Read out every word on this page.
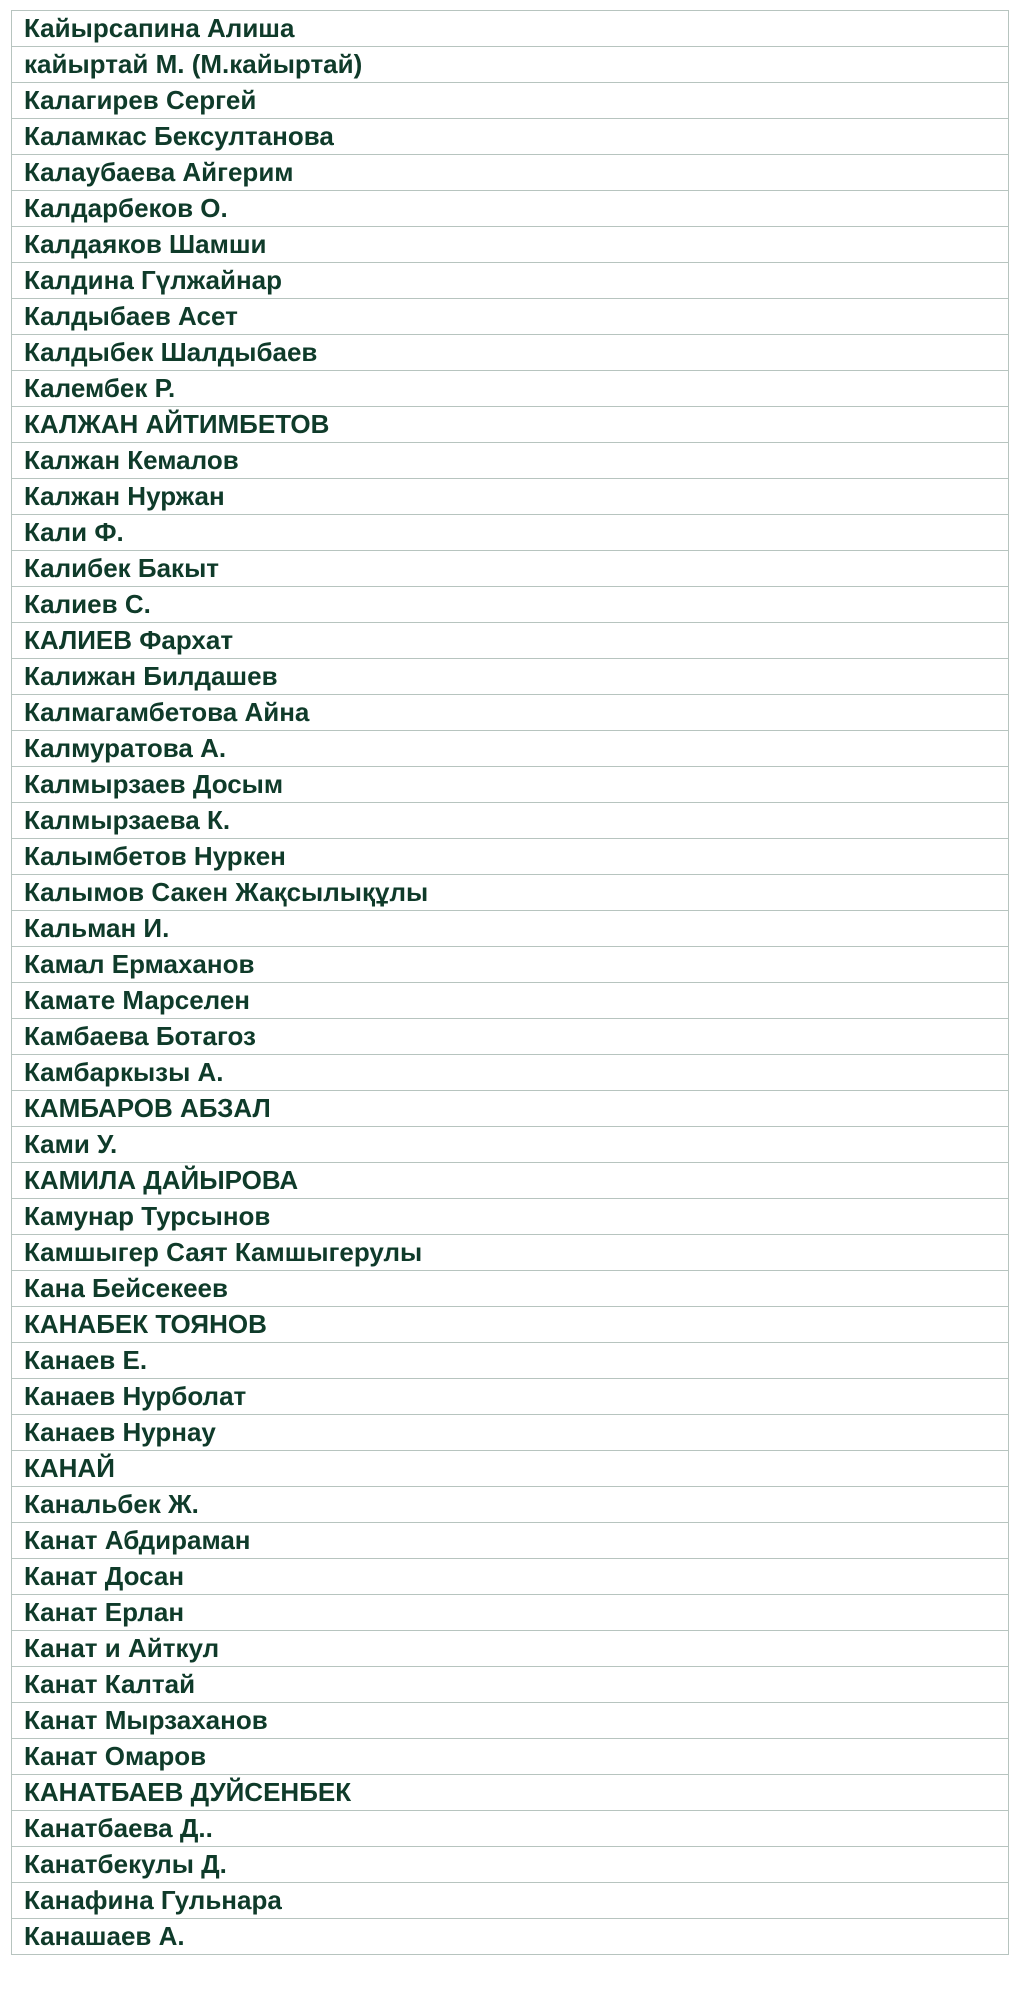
Кайырсапина Алиша
кайыртай М. (М.кайыртай)
Калагирев Сергей
Каламкас Бексултанова
Калаубаева Айгерим
Калдарбеков О.
Калдаяков Шамши
Калдина Гүлжайнар
Калдыбаев Асет
Калдыбек Шалдыбаев
Калембек Р.
КАЛЖАН АЙТИМБЕТОВ
Калжан Кемалов
Калжан Нуржан
Кали Ф.
Калибек Бакыт
Калиев С.
КАЛИЕВ Фархат
Калижан Билдашев
Калмагамбетова Айна
Калмуратова А.
Калмырзаев Досым
Калмырзаева К.
Калымбетов Нуркен
Калымов Сакен Жақсылықұлы
Кальман И.
Камал Ермаханов
Камате Марселен
Камбаева Ботагоз
Камбаркызы А.
КАМБАРОВ АБЗАЛ
Ками У.
КАМИЛА ДАЙЫРОВА
Камунар Турсынов
Камшыгер Саят Камшыгерулы
Кана Бейсекеев
КАНАБЕК ТОЯНОВ
Канаев Е.
Канаев Нурболат
Канаев Нурнау
КАНАЙ
Канальбек Ж.
Канат Абдираман
Канат Досан
Канат Ерлан
Канат и Айткул
Канат Калтай
Канат Мырзаханов
Канат Омаров
КАНАТБАЕВ ДУЙСЕНБЕК
Канатбаева Д..
Канатбекулы Д.
Канафина Гульнара
Канашаев А.
